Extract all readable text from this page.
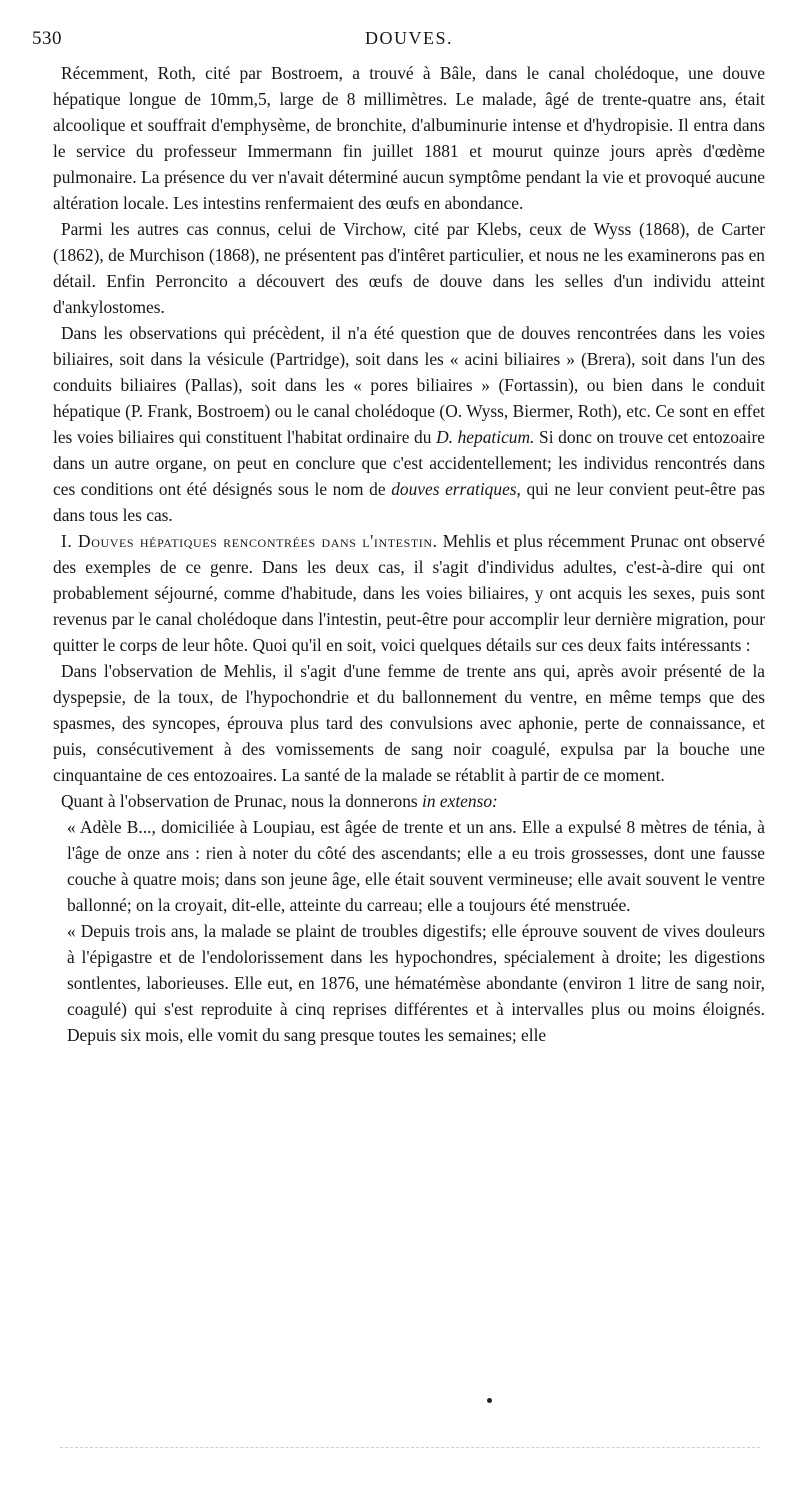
530	DOUVES.

Récemment, Roth, cité par Bostroem, a trouvé à Bâle, dans le canal cholédoque, une douve hépatique longue de 10mm,5, large de 8 millimètres. Le malade, âgé de trente-quatre ans, était alcoolique et souffrait d'emphysème, de bronchite, d'albuminurie intense et d'hydropisie. Il entra dans le service du professeur Immermann fin juillet 1881 et mourut quinze jours après d'œdème pulmonaire. La présence du ver n'avait déterminé aucun symptôme pendant la vie et provoqué aucune altération locale. Les intestins renfermaient des œufs en abondance.

Parmi les autres cas connus, celui de Virchow, cité par Klebs, ceux de Wyss (1868), de Carter (1862), de Murchison (1868), ne présentent pas d'intêret particulier, et nous ne les examinerons pas en détail. Enfin Perroncito a découvert des œufs de douve dans les selles d'un individu atteint d'ankylostomes.

Dans les observations qui précèdent, il n'a été question que de douves rencontrées dans les voies biliaires, soit dans la vésicule (Partridge), soit dans les « acini biliaires » (Brera), soit dans l'un des conduits biliaires (Pallas), soit dans les « pores biliaires » (Fortassin), ou bien dans le conduit hépatique (P. Frank, Bostroem) ou le canal cholédoque (O. Wyss, Biermer, Roth), etc. Ce sont en effet les voies biliaires qui constituent l'habitat ordinaire du D. hepaticum. Si donc on trouve cet entozoaire dans un autre organe, on peut en conclure que c'est accidentellement; les individus rencontrés dans ces conditions ont été désignés sous le nom de douves erratiques, qui ne leur convient peut-être pas dans tous les cas.

I. Douves hépatiques rencontrées dans l'intestin. Mehlis et plus récemment Prunac ont observé des exemples de ce genre. Dans les deux cas, il s'agit d'individus adultes, c'est-à-dire qui ont probablement séjourné, comme d'habitude, dans les voies biliaires, y ont acquis les sexes, puis sont revenus par le canal cholédoque dans l'intestin, peut-être pour accomplir leur dernière migration, pour quitter le corps de leur hôte. Quoi qu'il en soit, voici quelques détails sur ces deux faits intéressants :

Dans l'observation de Mehlis, il s'agit d'une femme de trente ans qui, après avoir présenté de la dyspepsie, de la toux, de l'hypochondrie et du ballonnement du ventre, en même temps que des spasmes, des syncopes, éprouva plus tard des convulsions avec aphonie, perte de connaissance, et puis, consécutivement à des vomissements de sang noir coagulé, expulsa par la bouche une cinquantaine de ces entozoaires. La santé de la malade se rétablit à partir de ce moment.

Quant à l'observation de Prunac, nous la donnerons in extenso:

« Adèle B..., domiciliée à Loupiau, est âgée de trente et un ans. Elle a expulsé 8 mètres de ténia, à l'âge de onze ans : rien à noter du côté des ascendants; elle a eu trois grossesses, dont une fausse couche à quatre mois; dans son jeune âge, elle était souvent vermineuse; elle avait souvent le ventre ballonné; on la croyait, dit-elle, atteinte du carreau; elle a toujours été menstruée.

« Depuis trois ans, la malade se plaint de troubles digestifs; elle éprouve souvent de vives douleurs à l'épigastre et de l'endolorissement dans les hypochondres, spécialement à droite; les digestions sontlentes, laborieuses. Elle eut, en 1876, une hématémèse abondante (environ 1 litre de sang noir, coagulé) qui s'est reproduite à cinq reprises différentes et à intervalles plus ou moins éloignés. Depuis six mois, elle vomit du sang presque toutes les semaines; elle
